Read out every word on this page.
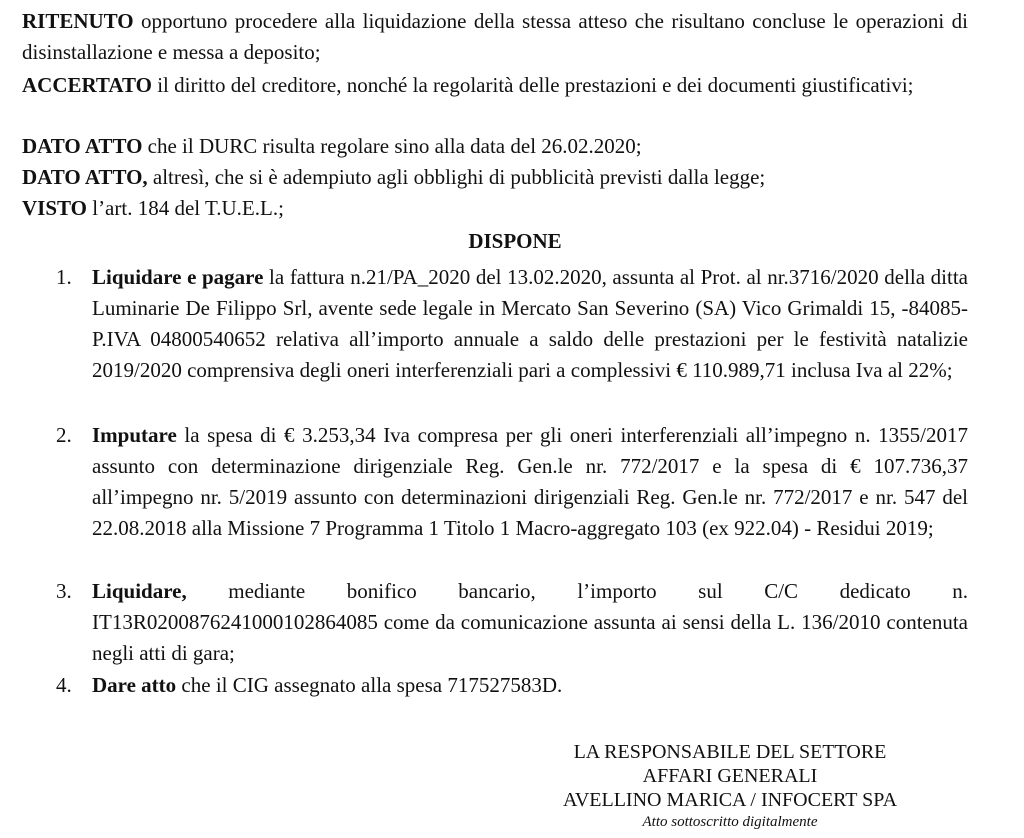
RITENUTO opportuno procedere alla liquidazione della stessa atteso che risultano concluse le operazioni di disinstallazione e messa a deposito;
ACCERTATO il diritto del creditore, nonché la regolarità delle prestazioni e dei documenti giustificativi;
DATO ATTO che il DURC risulta regolare sino alla data del 26.02.2020;
DATO ATTO, altresì, che si è adempiuto agli obblighi di pubblicità previsti dalla legge;
VISTO l’art. 184 del T.U.E.L.;
DISPONE
1. Liquidare e pagare la fattura n.21/PA_2020 del 13.02.2020, assunta al Prot. al nr.3716/2020 della ditta Luminarie De Filippo Srl, avente sede legale in Mercato San Severino (SA) Vico Grimaldi 15, -84085- P.IVA 04800540652 relativa all’importo annuale a saldo delle prestazioni per le festività natalizie 2019/2020 comprensiva degli oneri interferenziali pari a complessivi € 110.989,71 inclusa Iva al 22%;
2. Imputare la spesa di € 3.253,34 Iva compresa per gli oneri interferenziali all’impegno n. 1355/2017 assunto con determinazione dirigenziale Reg. Gen.le nr. 772/2017 e la spesa di € 107.736,37 all’impegno nr. 5/2019 assunto con determinazioni dirigenziali Reg. Gen.le nr. 772/2017 e nr. 547 del 22.08.2018 alla Missione 7 Programma 1 Titolo 1 Macro-aggregato 103 (ex 922.04) - Residui 2019;
3. Liquidare, mediante bonifico bancario, l’importo sul C/C dedicato n. IT13R0200876241000102864085 come da comunicazione assunta ai sensi della L. 136/2010 contenuta negli atti di gara;
4. Dare atto che il CIG assegnato alla spesa 717527583D.
LA RESPONSABILE DEL SETTORE
AFFARI GENERALI
AVELLINO MARICA / INFOCERT SPA
Atto sottoscritto digitalmente
